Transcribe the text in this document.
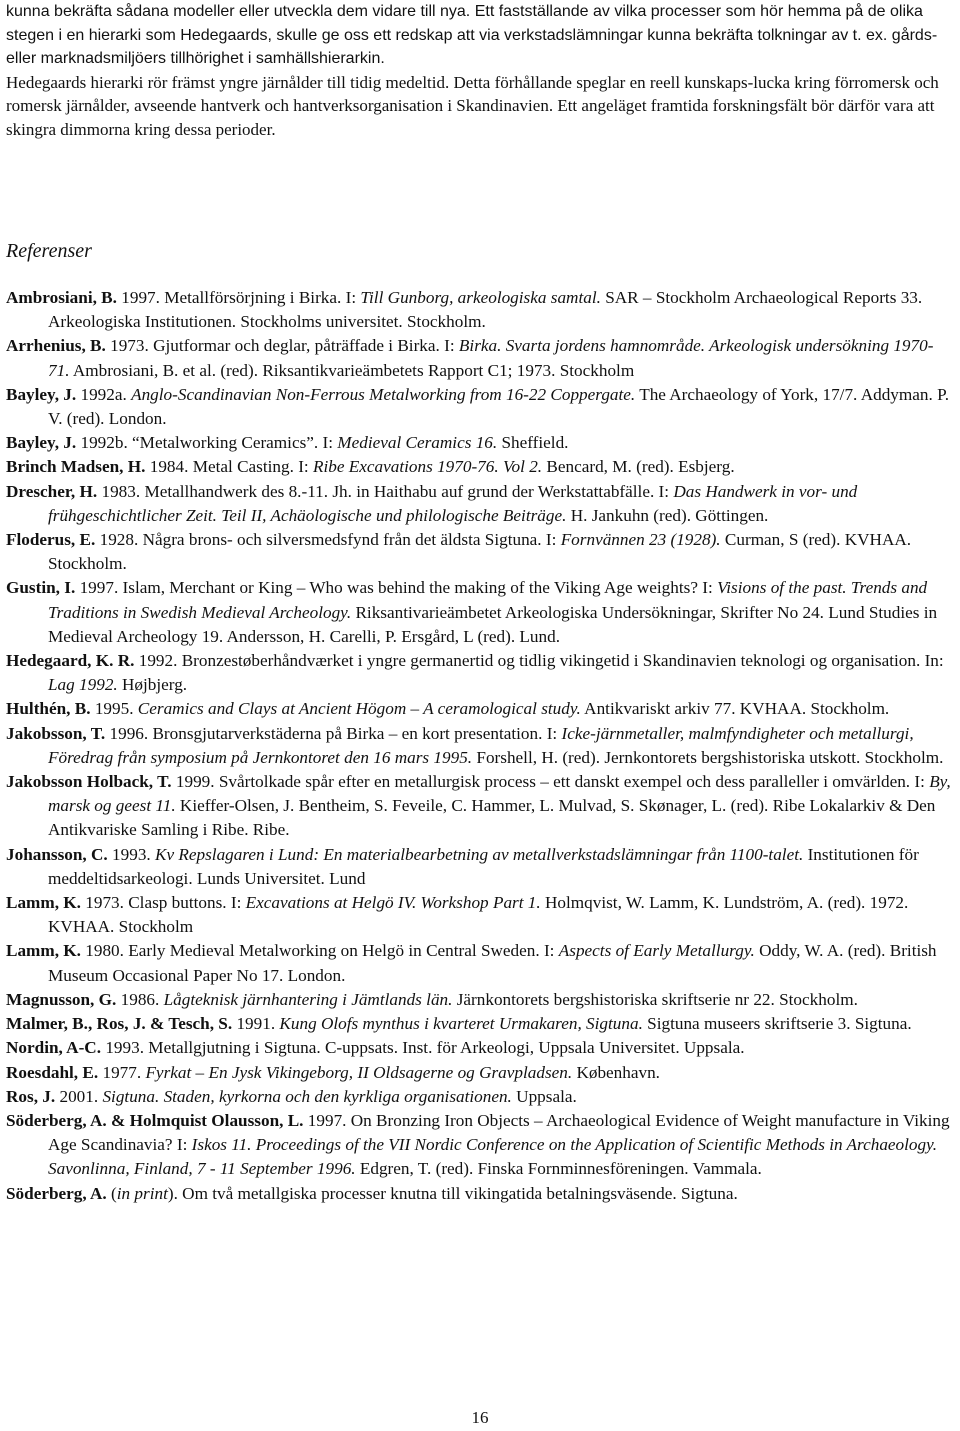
kunna bekräfta sådana modeller eller utveckla dem vidare till nya. Ett fastställande av vilka processer som hör hemma på de olika stegen i en hierarki som Hedegaards, skulle ge oss ett redskap att via verkstadslämningar kunna bekräfta tolkningar av t. ex. gårds- eller marknadsmiljöers tillhörighet i samhällshierarkin.

Hedegaards hierarki rör främst yngre järnålder till tidig medeltid. Detta förhållande speglar en reell kunskaps-lucka kring förromersk och romersk järnålder, avseende hantverk och hantverksorganisation i Skandinavien. Ett angeläget framtida forskningsfält bör därför vara att skingra dimmorna kring dessa perioder.

Referenser
Ambrosiani, B. 1997. Metallförsörjning i Birka. I: Till Gunborg, arkeologiska samtal. SAR – Stockholm Archaeological Reports 33. Arkeologiska Institutionen. Stockholms universitet. Stockholm.
Arrhenius, B. 1973. Gjutformar och deglar, påträffade i Birka. I: Birka. Svarta jordens hamnområde. Arkeologisk undersökning 1970-71. Ambrosiani, B. et al. (red). Riksantikvarieämbetets Rapport C1; 1973. Stockholm
Bayley, J. 1992a. Anglo-Scandinavian Non-Ferrous Metalworking from 16-22 Coppergate. The Archaeology of York, 17/7. Addyman. P. V. (red). London.
Bayley, J. 1992b. “Metalworking Ceramics”. I: Medieval Ceramics 16. Sheffield.
Brinch Madsen, H. 1984. Metal Casting. I: Ribe Excavations 1970-76. Vol 2. Bencard, M. (red). Esbjerg.
Drescher, H. 1983. Metallhandwerk des 8.-11. Jh. in Haithabu auf grund der Werkstattabfälle. I: Das Handwerk in vor- und frühgeschichtlicher Zeit. Teil II, Achäologische und philologische Beiträge. H. Jankuhn (red). Göttingen.
Floderus, E. 1928. Några brons- och silversmedsfynd från det äldsta Sigtuna. I: Fornvännen 23 (1928). Curman, S (red). KVHAA. Stockholm.
Gustin, I. 1997. Islam, Merchant or King – Who was behind the making of the Viking Age weights? I: Visions of the past. Trends and Traditions in Swedish Medieval Archeology. Riksantivarieämbetet Arkeologiska Undersökningar, Skrifter No 24. Lund Studies in Medieval Archeology 19. Andersson, H. Carelli, P. Ersgård, L (red). Lund.
Hedegaard, K. R. 1992. Bronzestøberhåndværket i yngre germanertid og tidlig vikingetid i Skandinavien teknologi og organisation. In: Lag 1992. Højbjerg.
Hulthén, B. 1995. Ceramics and Clays at Ancient Högom – A ceramological study. Antikvariskt arkiv 77. KVHAA. Stockholm.
Jakobsson, T. 1996. Bronsgjutarverkstäderna på Birka – en kort presentation. I: Icke-järnmetaller, malmfyndigheter och metallurgi, Föredrag från symposium på Jernkontoret den 16 mars 1995. Forshell, H. (red). Jernkontorets bergshistoriska utskott. Stockholm.
Jakobsson Holback, T. 1999. Svårtolkade spår efter en metallurgisk process – ett danskt exempel och dess paralleller i omvärlden. I: By, marsk og geest 11. Kieffer-Olsen, J. Bentheim, S. Feveile, C. Hammer, L. Mulvad, S. Skønager, L. (red). Ribe Lokalarkiv & Den Antikvariske Samling i Ribe. Ribe.
Johansson, C. 1993. Kv Repslagaren i Lund: En materialbearbetning av metallverkstadslämningar från 1100-talet. Institutionen för meddeltidsarkeologi. Lunds Universitet. Lund
Lamm, K. 1973. Clasp buttons. I: Excavations at Helgö IV. Workshop Part 1. Holmqvist, W. Lamm, K. Lundström, A. (red). 1972. KVHAA. Stockholm
Lamm, K. 1980. Early Medieval Metalworking on Helgö in Central Sweden. I: Aspects of Early Metallurgy. Oddy, W. A. (red). British Museum Occasional Paper No 17. London.
Magnusson, G. 1986. Lågteknisk järnhantering i Jämtlands län. Järnkontorets bergshistoriska skriftserie nr 22. Stockholm.
Malmer, B., Ros, J. & Tesch, S. 1991. Kung Olofs mynthus i kvarteret Urmakaren, Sigtuna. Sigtuna museers skriftserie 3. Sigtuna.
Nordin, A-C. 1993. Metallgjutning i Sigtuna. C-uppsats. Inst. för Arkeologi, Uppsala Universitet. Uppsala.
Roesdahl, E. 1977. Fyrkat – En Jysk Vikingeborg, II Oldsagerne og Gravpladsen. København.
Ros, J. 2001. Sigtuna. Staden, kyrkorna och den kyrkliga organisationen. Uppsala.
Söderberg, A. & Holmquist Olausson, L. 1997. On Bronzing Iron Objects – Archaeological Evidence of Weight manufacture in Viking Age Scandinavia? I: Iskos 11. Proceedings of the VII Nordic Conference on the Application of Scientific Methods in Archaeology. Savonlinna, Finland, 7 - 11 September 1996. Edgren, T. (red). Finska Fornminnesföreningen. Vammala.
Söderberg, A. (in print). Om två metallgiska processer knutna till vikingatida betalningsväsende. Sigtuna.
16
